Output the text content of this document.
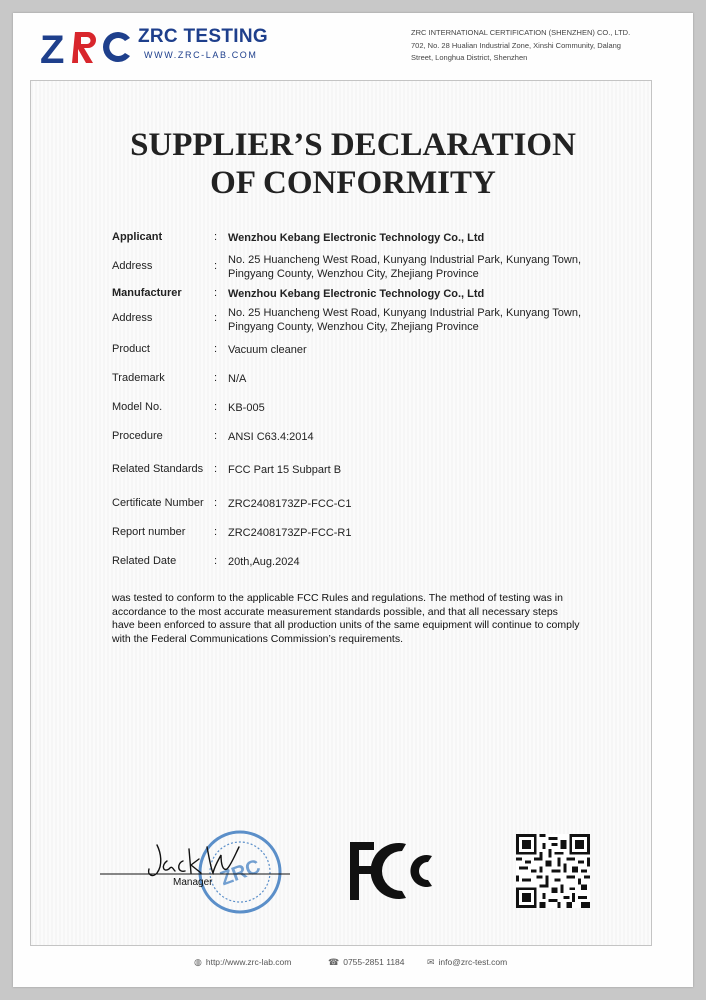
Z	ZRC TESTING
WWW.ZRC-LAB.COM
ZRC INTERNATIONAL CERTIFICATION (SHENZHEN) CO., LTD.
702, No. 28 Hualian Industrial Zone, Xinshi Community, Dalang
Street, Longhua District, Shenzhen
SUPPLIER’S DECLARATION
OF CONFORMITY
Applicant	: Wenzhou Kebang Electronic Technology Co., Ltd
Address	: No. 25 Huancheng West Road, Kunyang Industrial Park, Kunyang Town,
Pingyang County, Wenzhou City, Zhejiang Province
Manufacturer	: Wenzhou Kebang Electronic Technology Co., Ltd
Address	: No. 25 Huancheng West Road, Kunyang Industrial Park, Kunyang Town,
Pingyang County, Wenzhou City, Zhejiang Province
Product	: Vacuum cleaner
Trademark	: N/A
Model No.	: KB-005
Procedure	: ANSI C63.4:2014
Related Standards : FCC Part 15 Subpart B
Certificate Number : ZRC2408173ZP-FCC-C1
Report number	: ZRC2408173ZP-FCC-R1
Related Date	: 20th,Aug.2024
was tested to conform to the applicable FCC Rules and regulations. The method of testing was in accordance to the most accurate measurement standards possible, and that all necessary steps have been enforced to assure that all production units of the same equipment will continue to comply with the Federal Communications Commission’s requirements.
ZRC
Manager
◍ http://www.zrc-lab.com	☎ 0755-2851 1184 ✉ info@zrc-test.com
